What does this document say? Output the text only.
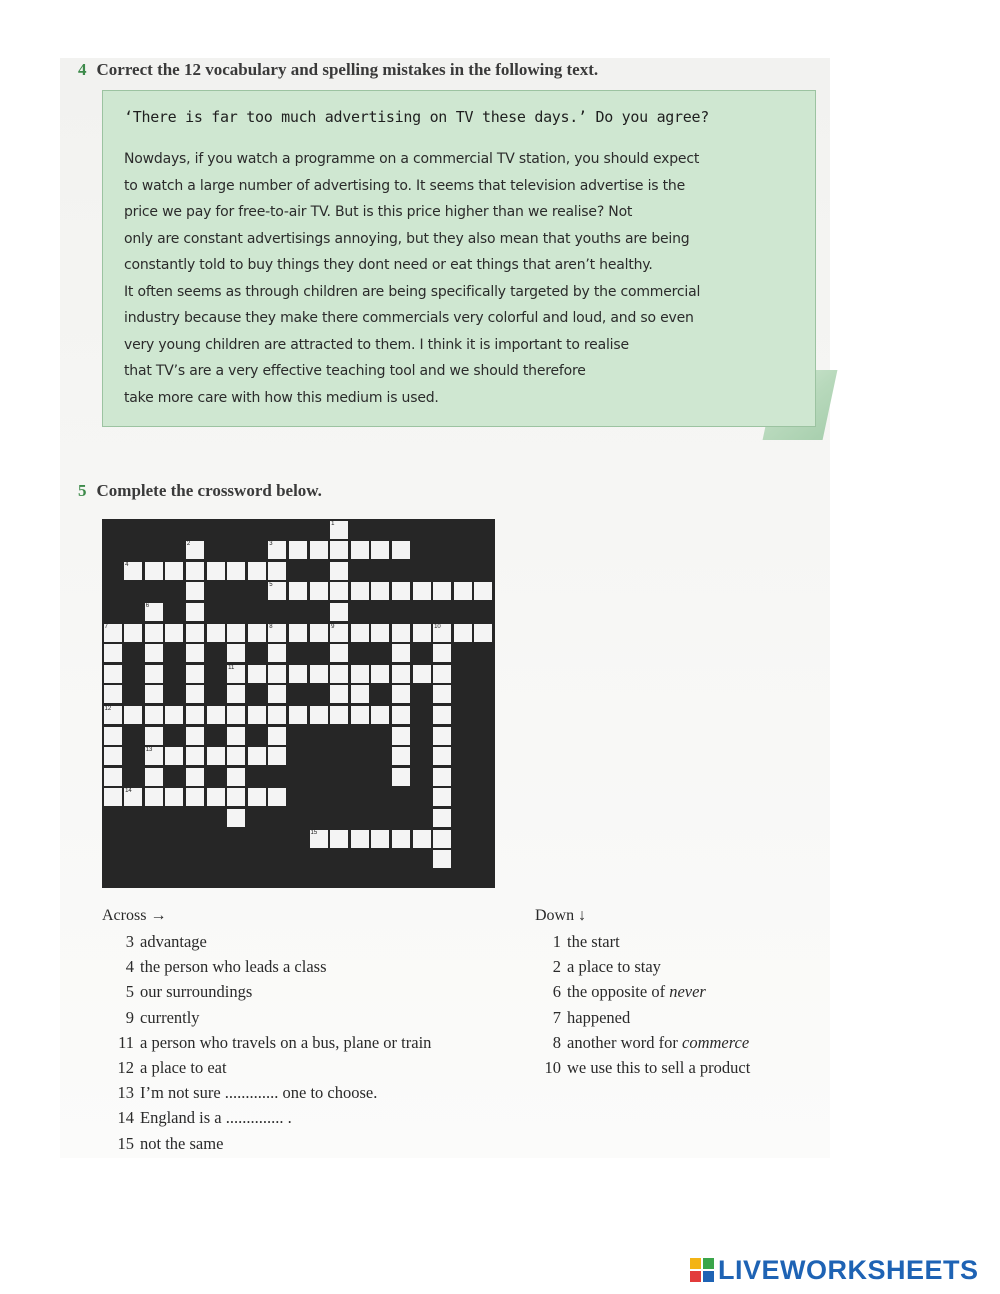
4 Correct the 12 vocabulary and spelling mistakes in the following text.
‘There is far too much advertising on TV these days.’ Do you agree?
Nowdays, if you watch a programme on a commercial TV station, you should expect
to watch a large number of advertising to. It seems that television advertise is the
price we pay for free-to-air TV. But is this price higher than we realise? Not
only are constant advertisings annoying, but they also mean that youths are being
constantly told to buy things they dont need or eat things that aren’t healthy.
It often seems as through children are being specifically targeted by the commercial
industry because they make there commercials very colorful and loud, and so even
very young children are attracted to them. I think it is important to realise
that TV’s are a very effective teaching tool and we should therefore
take more care with how this medium is used.
5 Complete the crossword below.
1
9
2	3
4
5
6
13
7	8	10
12
11
14
15
Across →
3 advantage
4 the person who leads a class
5 our surroundings
9 currently
11 a person who travels on a bus, plane or train
12 a place to eat
13 I’m not sure ............. one to choose.
14 England is a .............. .
15 not the same
Down ↓
1 the start
2 a place to stay
6 the opposite of never
7 happened
8 another word for commerce
10 we use this to sell a product
LIVEWORKSHEETS
